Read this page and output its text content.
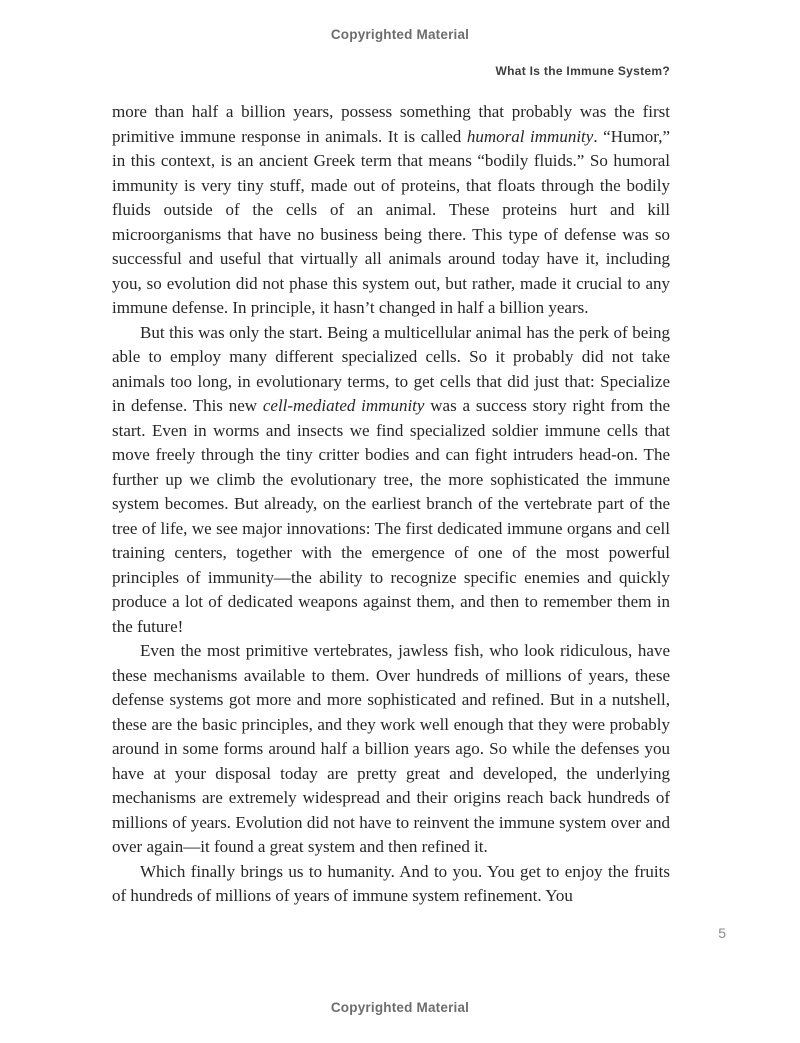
Copyrighted Material
What Is the Immune System?

more than half a billion years, possess something that probably was the first primitive immune response in animals. It is called humoral immunity. “Humor,” in this context, is an ancient Greek term that means “bodily fluids.” So humoral immunity is very tiny stuff, made out of proteins, that floats through the bodily fluids outside of the cells of an animal. These proteins hurt and kill microorganisms that have no business being there. This type of defense was so successful and useful that virtually all animals around today have it, including you, so evolution did not phase this system out, but rather, made it crucial to any immune defense. In principle, it hasn’t changed in half a billion years.

But this was only the start. Being a multicellular animal has the perk of being able to employ many different specialized cells. So it probably did not take animals too long, in evolutionary terms, to get cells that did just that: Specialize in defense. This new cell-mediated immunity was a success story right from the start. Even in worms and insects we find specialized soldier immune cells that move freely through the tiny critter bodies and can fight intruders head-on. The further up we climb the evolutionary tree, the more sophisticated the immune system becomes. But already, on the earliest branch of the vertebrate part of the tree of life, we see major innovations: The first dedicated immune organs and cell training centers, together with the emergence of one of the most powerful principles of immunity—the ability to recognize specific enemies and quickly produce a lot of dedicated weapons against them, and then to remember them in the future!

Even the most primitive vertebrates, jawless fish, who look ridiculous, have these mechanisms available to them. Over hundreds of millions of years, these defense systems got more and more sophisticated and refined. But in a nutshell, these are the basic principles, and they work well enough that they were probably around in some forms around half a billion years ago. So while the defenses you have at your disposal today are pretty great and developed, the underlying mechanisms are extremely widespread and their origins reach back hundreds of millions of years. Evolution did not have to reinvent the immune system over and over again—it found a great system and then refined it.

Which finally brings us to humanity. And to you. You get to enjoy the fruits of hundreds of millions of years of immune system refinement. You

5
Copyrighted Material
